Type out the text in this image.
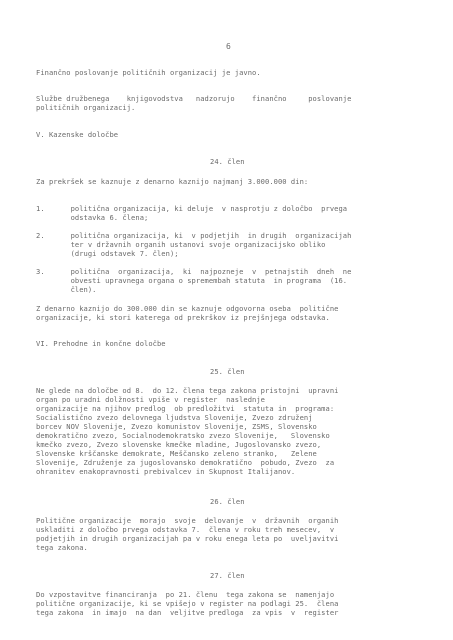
6
Finančno poslovanje političnih organizacij je javno.
Službe družbenega    knjigovodstva   nadzorujo    finančno     poslovanje
političnih organizacij.
V. Kazenske določbe
24. člen
Za prekršek se kaznuje z denarno kaznijo najmanj 3.000.000 din:
1.      politična organizacija, ki deluje  v nasprotju z določbo  prvega
odstavka 6. člena;
2.      politična organizacija, ki  v podjetjih  in drugih  organizacijah
ter v državnih organih ustanovi svoje organizacijsko obliko
(drugi odstavek 7. člen);
3.      politična  organizacija,  ki  najpozneje  v  petnajstih  dneh  ne
obvesti upravnega organa o spremembah statuta  in programa  (16.
člen).
Z denarno kaznijo do 300.000 din se kaznuje odgovorna oseba  politične
organizacije, ki stori katerega od prekrškov iz prejšnjega odstavka.
VI. Prehodne in končne določbe
25. člen
Ne glede na določbe od 8.  do 12. člena tega zakona pristojni  upravni
organ po uradni dolžnosti vpiše v register  naslednje
organizacije na njihov predlog  ob predložitvi  statuta in  programa:
Socialistično zvezo delovnega ljudstva Slovenije, Zvezo združenj
borcev NOV Slovenije, Zvezo komunistov Slovenije, ZSMS, Slovensko
demokratično zvezo, Socialnodemokratsko zvezo Slovenije,   Slovensko
kmečko zvezo, Zvezo slovenske kmečke mladine, Jugoslovansko zvezo,
Slovenske krščanske demokrate, Meščansko zeleno stranko,   Zelene
Slovenije, Združenje za jugoslovansko demokratično  pobudo, Zvezo  za
ohranitev enakopravnosti prebivalcev in Skupnost Italijanov.
26. člen
Politične organizacije  morajo  svoje  delovanje  v  državnih  organih
uskladiti z določbo prvega odstavka 7.  člena v roku treh mesecev,  v
podjetjih in drugih organizacijah pa v roku enega leta po  uveljavitvi
tega zakona.
27. člen
Do vzpostavitve financiranja  po 21. členu  tega zakona se  namenjajo
politične organizacije, ki se vpišejo v register na podlagi 25.  člena
tega zakona  in imajo  na dan  veljitve predloga  za vpis  v  register
